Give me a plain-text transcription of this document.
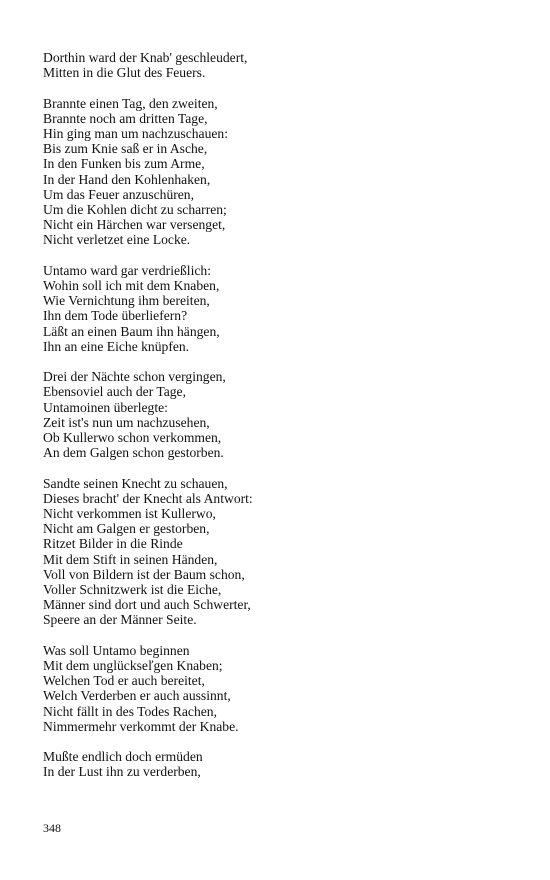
Dorthin ward der Knab' geschleudert,
Mitten in die Glut des Feuers.
Brannte einen Tag, den zweiten,
Brannte noch am dritten Tage,
Hin ging man um nachzuschauen:
Bis zum Knie saß er in Asche,
In den Funken bis zum Arme,
In der Hand den Kohlenhaken,
Um das Feuer anzuschüren,
Um die Kohlen dicht zu scharren;
Nicht ein Härchen war versenget,
Nicht verletzet eine Locke.
Untamo ward gar verdrießlich:
Wohin soll ich mit dem Knaben,
Wie Vernichtung ihm bereiten,
Ihn dem Tode überliefern?
Läßt an einen Baum ihn hängen,
Ihn an eine Eiche knüpfen.
Drei der Nächte schon vergingen,
Ebensoviel auch der Tage,
Untamoinen überlegte:
Zeit ist's nun um nachzusehen,
Ob Kullerwo schon verkommen,
An dem Galgen schon gestorben.
Sandte seinen Knecht zu schauen,
Dieses bracht' der Knecht als Antwort:
Nicht verkommen ist Kullerwo,
Nicht am Galgen er gestorben,
Ritzet Bilder in die Rinde
Mit dem Stift in seinen Händen,
Voll von Bildern ist der Baum schon,
Voller Schnitzwerk ist die Eiche,
Männer sind dort und auch Schwerter,
Speere an der Männer Seite.
Was soll Untamo beginnen
Mit dem unglückseľgen Knaben;
Welchen Tod er auch bereitet,
Welch Verderben er auch aussinnt,
Nicht fällt in des Todes Rachen,
Nimmermehr verkommt der Knabe.
Mußte endlich doch ermüden
In der Lust ihn zu verderben,
348
